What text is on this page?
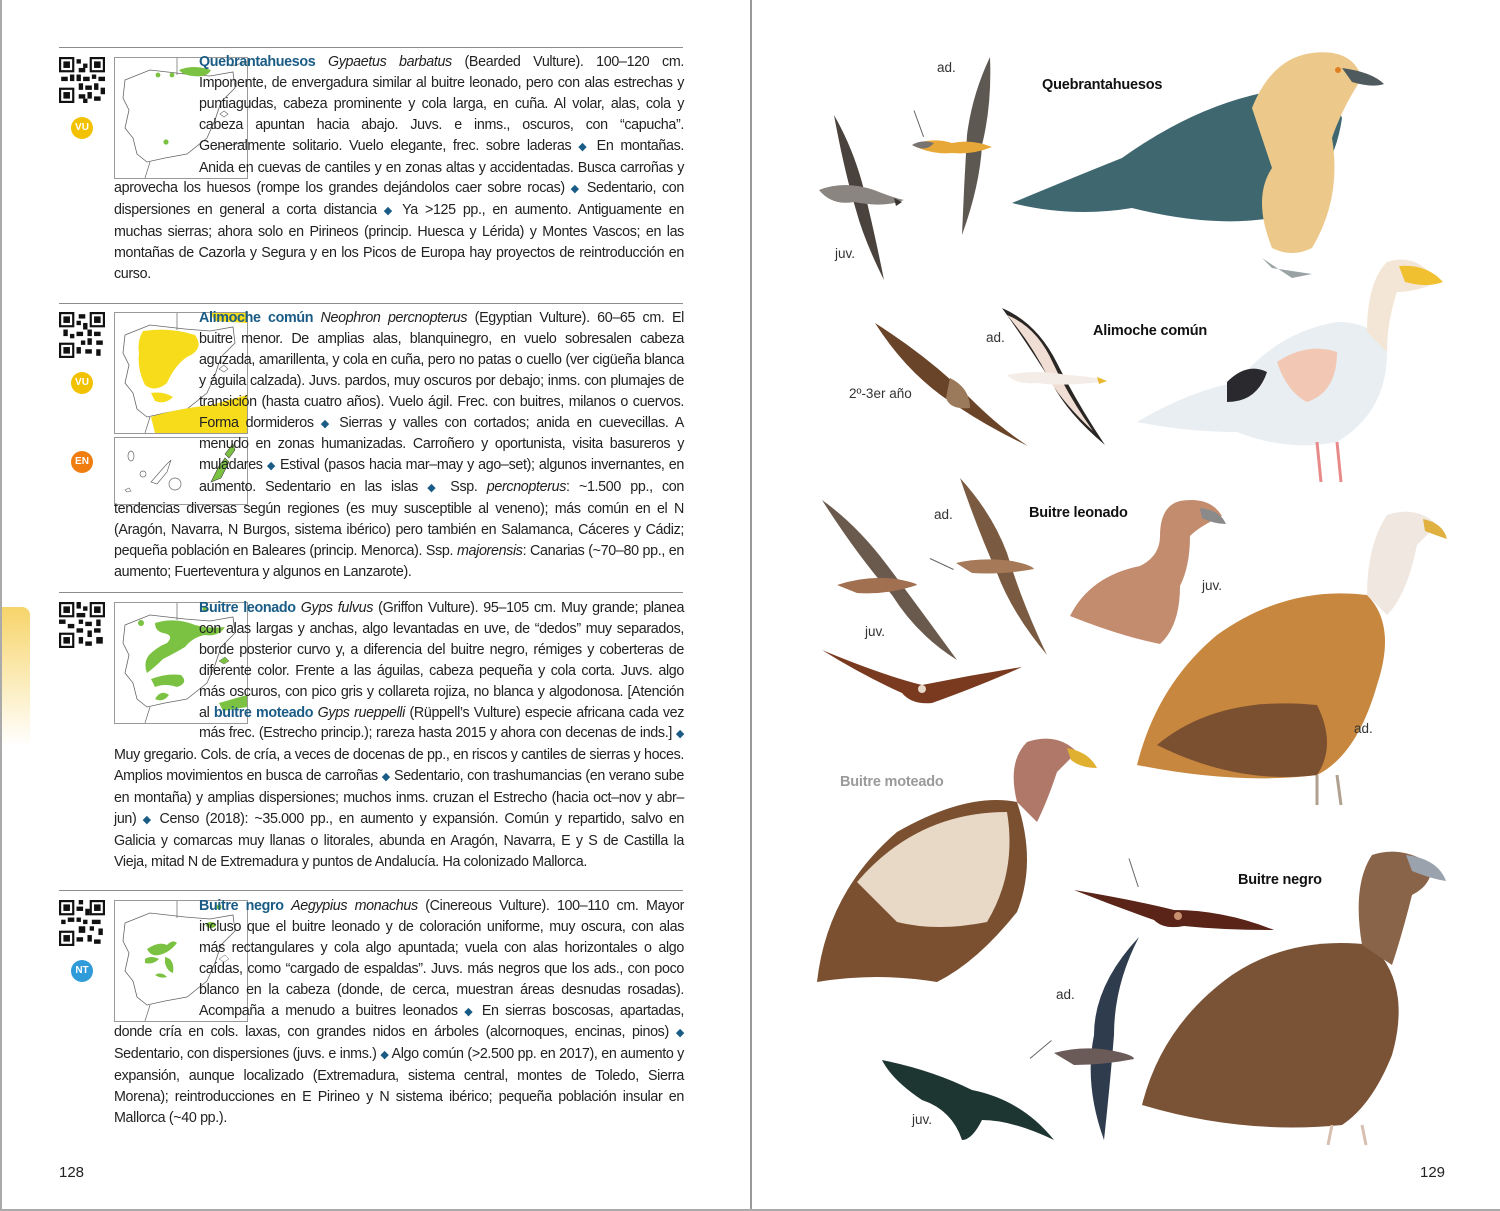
VU
Quebrantahuesos Gypaetus barbatus (Bearded Vulture). 100–120 cm. Imponente, de envergadura similar al buitre leonado, pero con alas estrechas y puntiagudas, cabeza prominente y cola larga, en cuña. Al volar, alas, cola y cabeza apuntan hacia abajo. Juvs. e inms., oscuros, con “capucha”. Generalmente solitario. Vuelo elegante, frec. sobre laderas ◆ En montañas. Anida en cuevas de cantiles y en zonas altas y accidentadas. Busca carroñas y aprovecha los huesos (rompe los grandes dejándolos caer sobre rocas) ◆ Sedentario, con dispersiones en general a corta distancia ◆ Ya >125 pp., en aumento. Antiguamente en muchas sierras; ahora solo en Pirineos (princip. Huesca y Lérida) y Montes Vascos; en las montañas de Cazorla y Segura y en los Picos de Europa hay proyectos de reintroducción en curso.
VU
EN
Alimoche común Neophron percnopterus (Egyptian Vulture). 60–65 cm. El buitre menor. De amplias alas, blanquinegro, en vuelo sobresalen cabeza aguzada, amarillenta, y cola en cuña, pero no patas o cuello (ver cigüeña blanca y águila calzada). Juvs. pardos, muy oscuros por debajo; inms. con plumajes de transición (hasta cuatro años). Vuelo ágil. Frec. con buitres, milanos o cuervos. Forma dormideros ◆ Sierras y valles con cortados; anida en cuevecillas. A menudo en zonas humanizadas. Carroñero y oportunista, visita basureros y muladares ◆ Estival (pasos hacia mar–may y ago–set); algunos invernantes, en aumento. Sedentario en las islas ◆ Ssp. percnopterus: ~1.500 pp., con tendencias diversas según regiones (es muy susceptible al veneno); más común en el N (Aragón, Navarra, N Burgos, sistema ibérico) pero también en Salamanca, Cáceres y Cádiz; pequeña población en Baleares (princip. Menorca). Ssp. majorensis: Canarias (~70–80 pp., en aumento; Fuerteventura y algunos en Lanzarote).
Buitre leonado Gyps fulvus (Griffon Vulture). 95–105 cm. Muy grande; planea con alas largas y anchas, algo levantadas en uve, de “dedos” muy separados, borde posterior curvo y, a diferencia del buitre negro, rémiges y coberteras de diferente color. Frente a las águilas, cabeza pequeña y cola corta. Juvs. algo más oscuros, con pico gris y collareta rojiza, no blanca y algodonosa. [Atención al buitre moteado Gyps rueppelli (Rüppell’s Vulture) especie africana cada vez más frec. (Estrecho princip.); rareza hasta 2015 y ahora con decenas de inds.] ◆ Muy gregario. Cols. de cría, a veces de docenas de pp., en riscos y cantiles de sierras y hoces. Amplios movimientos en busca de carroñas ◆ Sedentario, con trashumancias (en verano sube en montaña) y amplias dispersiones; muchos inms. cruzan el Estrecho (hacia oct–nov y abr–jun) ◆ Censo (2018): ~35.000 pp., en aumento y expansión. Común y repartido, salvo en Galicia y comarcas muy llanas o litorales, abunda en Aragón, Navarra, E y S de Castilla la Vieja, mitad N de Extremadura y puntos de Andalucía. Ha colonizado Mallorca.
NT
Buitre negro Aegypius monachus (Cinereous Vulture). 100–110 cm. Mayor incluso que el buitre leonado y de coloración uniforme, muy oscura, con alas más rectangulares y cola algo apuntada; vuela con alas horizontales o algo caídas, como “cargado de espaldas”. Juvs. más negros que los ads., con poco blanco en la cabeza (donde, de cerca, muestran áreas desnudas rosadas). Acompaña a menudo a buitres leonados ◆ En sierras boscosas, apartadas, donde cría en cols. laxas, con grandes nidos en árboles (alcornoques, encinas, pinos) ◆ Sedentario, con dispersiones (juvs. e inms.) ◆ Algo común (>2.500 pp. en 2017), en aumento y expansión, aunque localizado (Extremadura, sistema central, montes de Toledo, Sierra Morena); reintroducciones en E Pirineo y N sistema ibérico; pequeña población insular en Mallorca (~40 pp.).
128
ad.
juv.
Quebrantahuesos
ad.
2º-3er año
Alimoche común
ad.
juv.
Buitre leonado
juv.
ad.
Buitre moteado
Buitre negro
ad.
juv.
129
